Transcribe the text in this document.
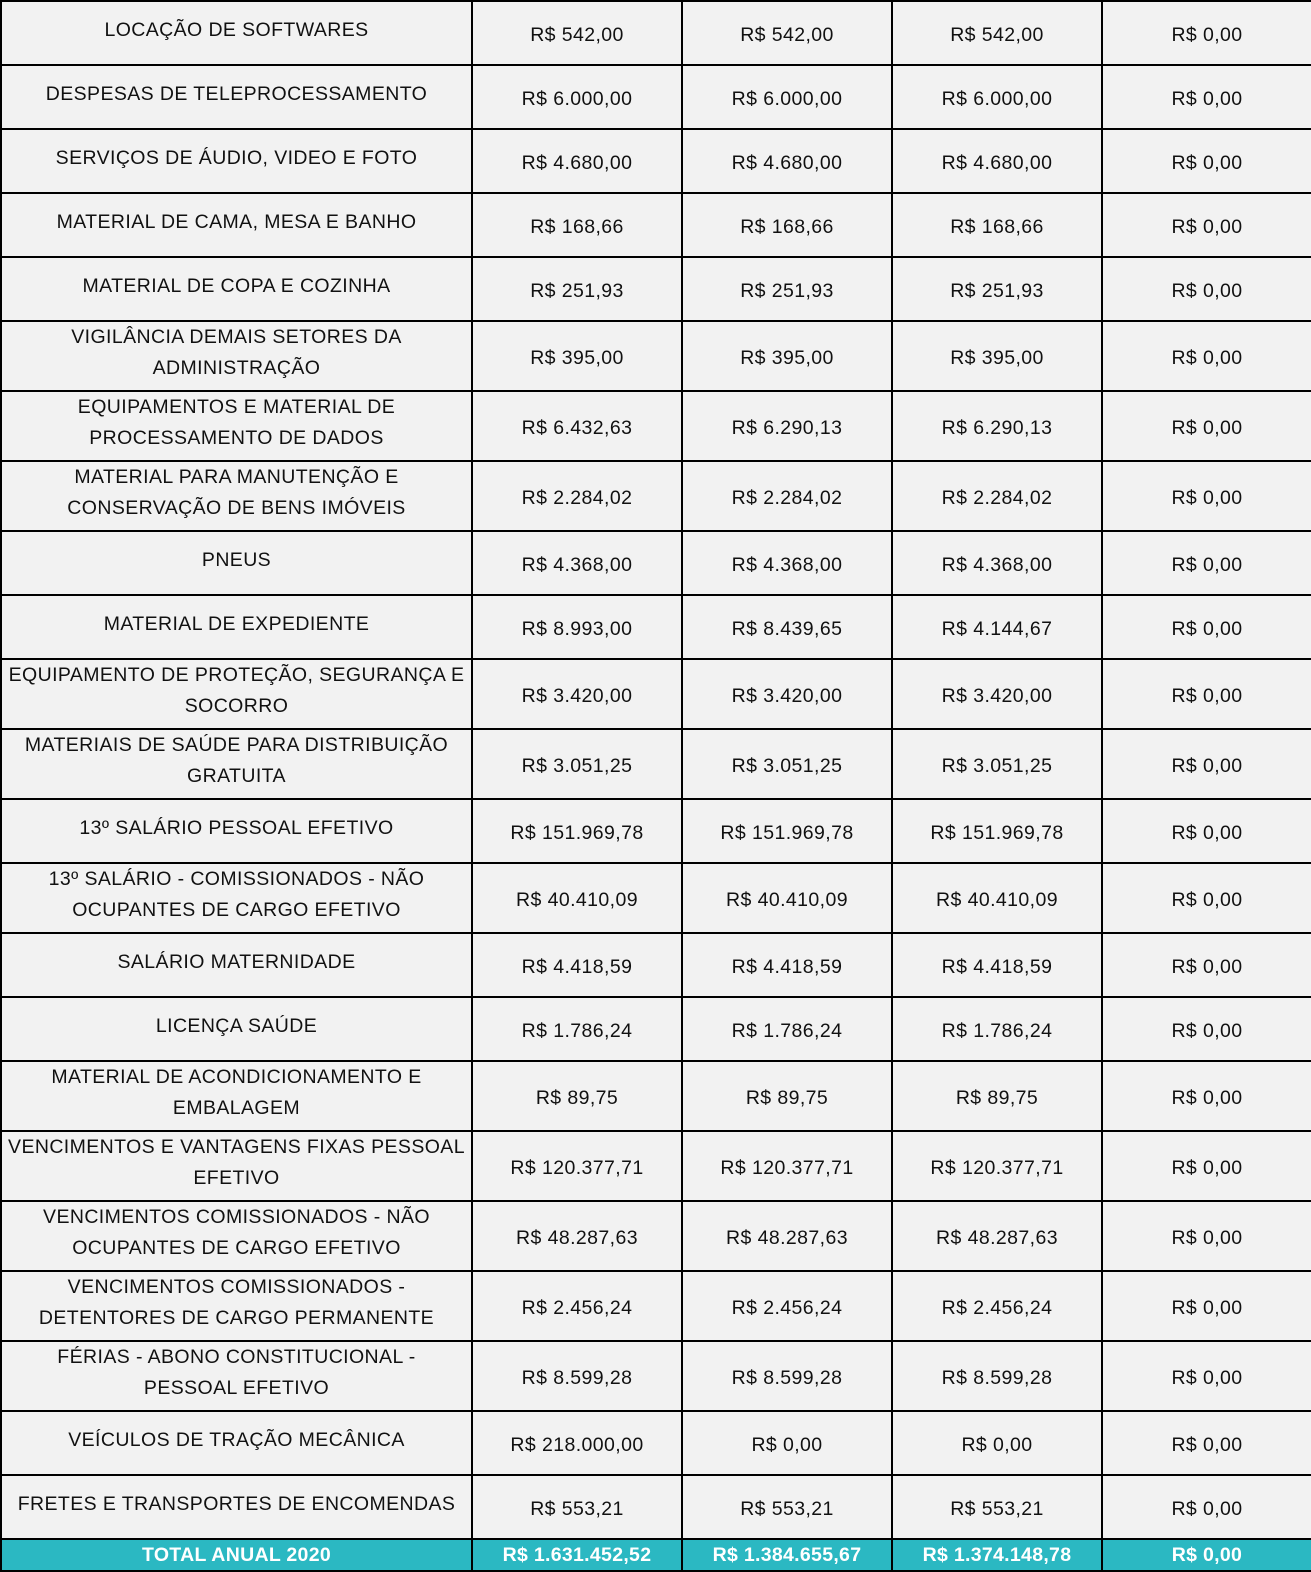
LOCAÇÃO DE SOFTWARES	R$ 542,00	R$ 542,00	R$ 542,00	R$ 0,00
DESPESAS DE TELEPROCESSAMENTO	R$ 6.000,00	R$ 6.000,00	R$ 6.000,00	R$ 0,00
SERVIÇOS DE ÁUDIO, VIDEO E FOTO	R$ 4.680,00	R$ 4.680,00	R$ 4.680,00	R$ 0,00
MATERIAL DE CAMA, MESA E BANHO	R$ 168,66	R$ 168,66	R$ 168,66	R$ 0,00
MATERIAL DE COPA E COZINHA	R$ 251,93	R$ 251,93	R$ 251,93	R$ 0,00
VIGILÂNCIA DEMAIS SETORES DA ADMINISTRAÇÃO	R$ 395,00	R$ 395,00	R$ 395,00	R$ 0,00
EQUIPAMENTOS E MATERIAL DE PROCESSAMENTO DE DADOS	R$ 6.432,63	R$ 6.290,13	R$ 6.290,13	R$ 0,00
MATERIAL PARA MANUTENÇÃO E CONSERVAÇÃO DE BENS IMÓVEIS	R$ 2.284,02	R$ 2.284,02	R$ 2.284,02	R$ 0,00
PNEUS	R$ 4.368,00	R$ 4.368,00	R$ 4.368,00	R$ 0,00
MATERIAL DE EXPEDIENTE	R$ 8.993,00	R$ 8.439,65	R$ 4.144,67	R$ 0,00
EQUIPAMENTO DE PROTEÇÃO, SEGURANÇA E SOCORRO	R$ 3.420,00	R$ 3.420,00	R$ 3.420,00	R$ 0,00
MATERIAIS DE SAÚDE PARA DISTRIBUIÇÃO GRATUITA	R$ 3.051,25	R$ 3.051,25	R$ 3.051,25	R$ 0,00
13º SALÁRIO PESSOAL EFETIVO	R$ 151.969,78	R$ 151.969,78	R$ 151.969,78	R$ 0,00
13º SALÁRIO - COMISSIONADOS - NÃO OCUPANTES DE CARGO EFETIVO	R$ 40.410,09	R$ 40.410,09	R$ 40.410,09	R$ 0,00
SALÁRIO MATERNIDADE	R$ 4.418,59	R$ 4.418,59	R$ 4.418,59	R$ 0,00
LICENÇA SAÚDE	R$ 1.786,24	R$ 1.786,24	R$ 1.786,24	R$ 0,00
MATERIAL DE ACONDICIONAMENTO E EMBALAGEM	R$ 89,75	R$ 89,75	R$ 89,75	R$ 0,00
VENCIMENTOS E VANTAGENS FIXAS PESSOAL EFETIVO	R$ 120.377,71	R$ 120.377,71	R$ 120.377,71	R$ 0,00
VENCIMENTOS COMISSIONADOS - NÃO OCUPANTES DE CARGO EFETIVO	R$ 48.287,63	R$ 48.287,63	R$ 48.287,63	R$ 0,00
VENCIMENTOS COMISSIONADOS - DETENTORES DE CARGO PERMANENTE	R$ 2.456,24	R$ 2.456,24	R$ 2.456,24	R$ 0,00
FÉRIAS - ABONO CONSTITUCIONAL - PESSOAL EFETIVO	R$ 8.599,28	R$ 8.599,28	R$ 8.599,28	R$ 0,00
VEÍCULOS DE TRAÇÃO MECÂNICA	R$ 218.000,00	R$ 0,00	R$ 0,00	R$ 0,00
FRETES E TRANSPORTES DE ENCOMENDAS	R$ 553,21	R$ 553,21	R$ 553,21	R$ 0,00
TOTAL ANUAL 2020	R$ 1.631.452,52	R$ 1.384.655,67	R$ 1.374.148,78	R$ 0,00
